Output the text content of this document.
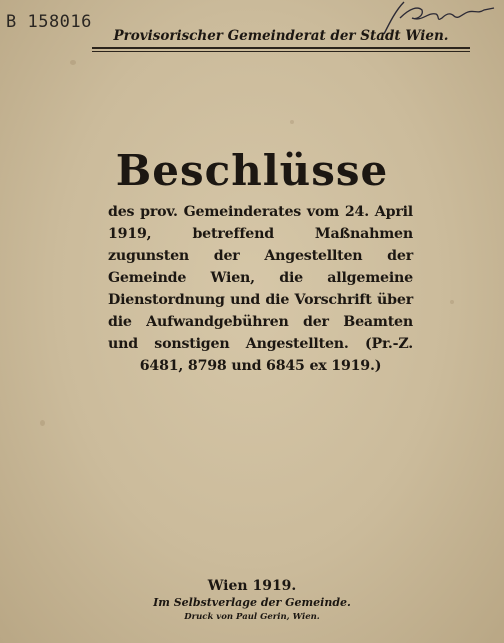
B 158016
Provisorischer Gemeinderat der Stadt Wien.
Beschlüsse
des prov. Gemeinderates vom 24. April 1919, betreffend Maßnahmen zugunsten der Angestellten der Gemeinde Wien, die allgemeine Dienstordnung und die Vorschrift über die Aufwandgebühren der Beamten und sonstigen Angestellten. (Pr.-Z. 6481, 8798 und 6845 ex 1919.)
Wien 1919.
Im Selbstverlage der Gemeinde.
Druck von Paul Gerin, Wien.
